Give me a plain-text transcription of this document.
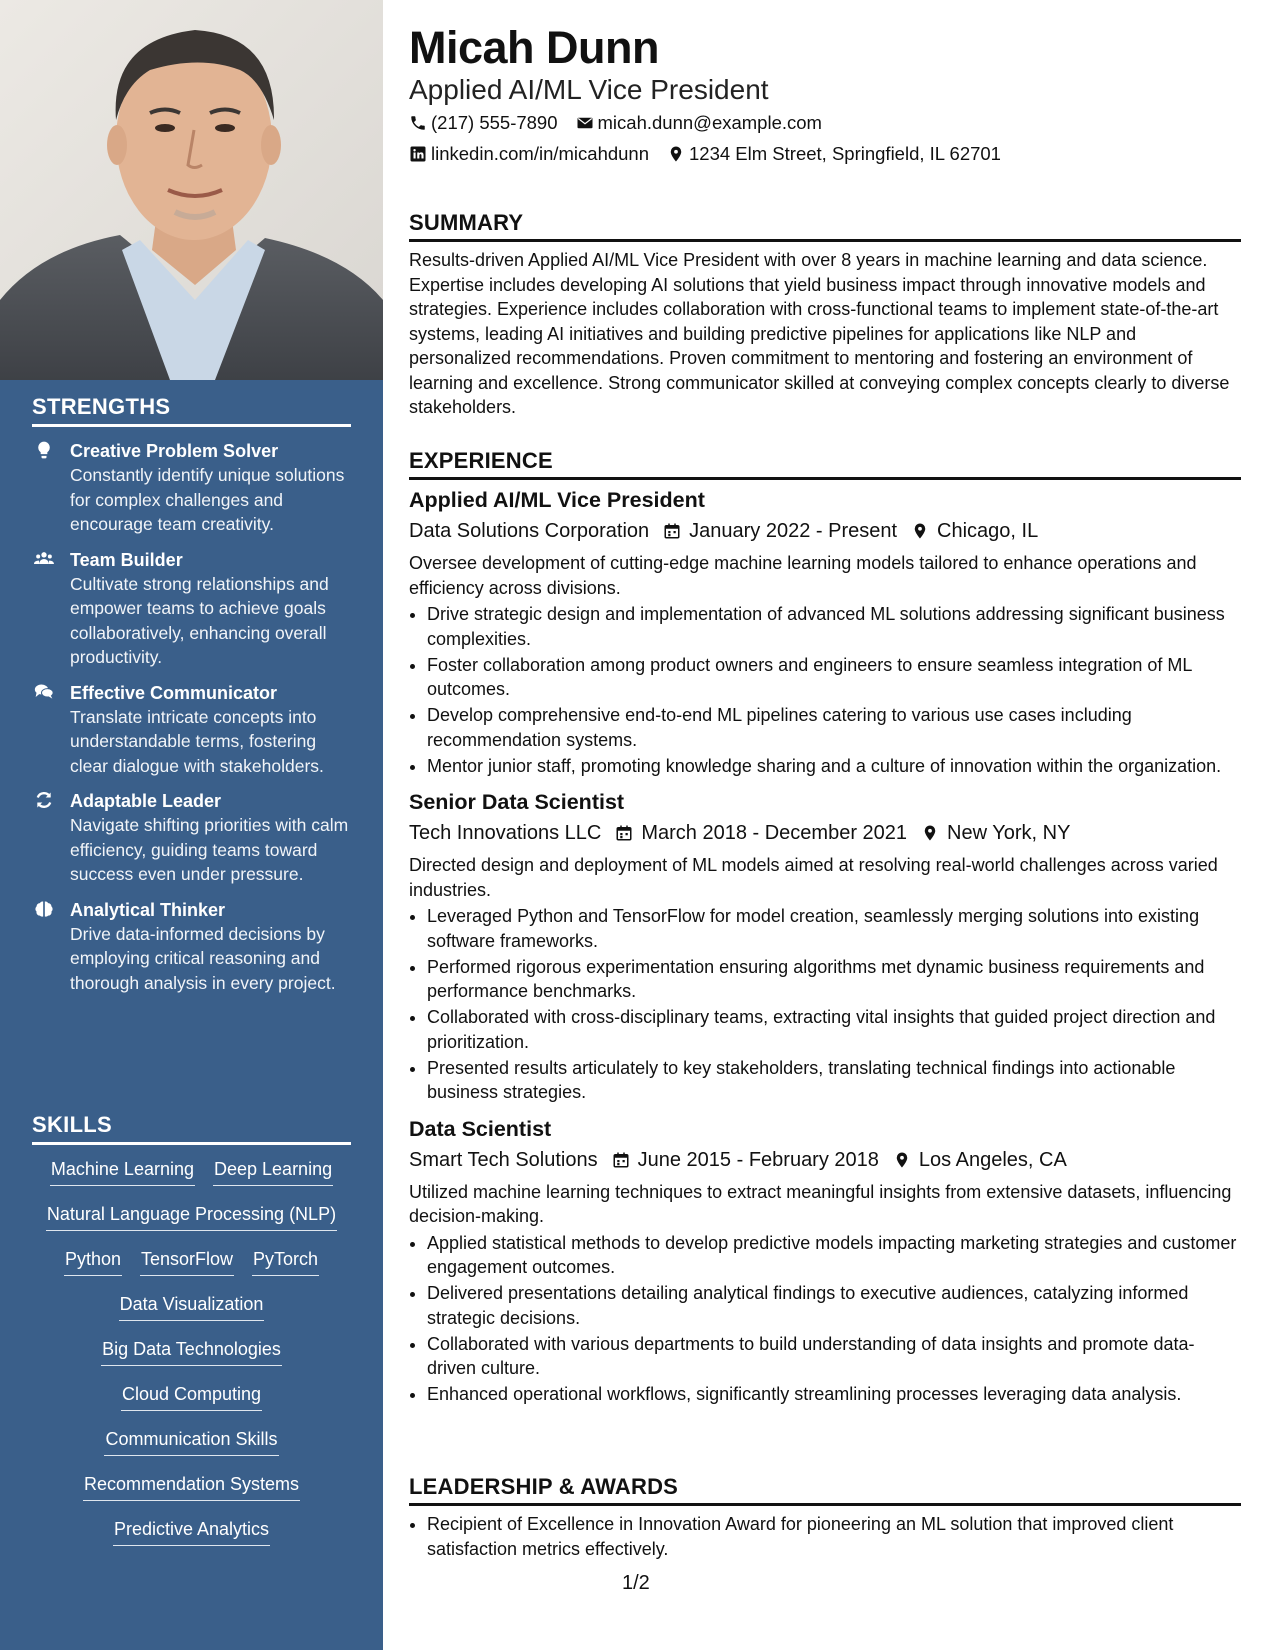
STRENGTHS
Creative Problem Solver
Constantly identify unique solutions for complex challenges and encourage team creativity.
Team Builder
Cultivate strong relationships and empower teams to achieve goals collaboratively, enhancing overall productivity.
Effective Communicator
Translate intricate concepts into understandable terms, fostering clear dialogue with stakeholders.
Adaptable Leader
Navigate shifting priorities with calm efficiency, guiding teams toward success even under pressure.
Analytical Thinker
Drive data-informed decisions by employing critical reasoning and thorough analysis in every project.
SKILLS
Machine Learning Deep Learning
Natural Language Processing (NLP)
Python TensorFlow PyTorch
Data Visualization
Big Data Technologies
Cloud Computing
Communication Skills
Recommendation Systems
Predictive Analytics
Micah Dunn
Applied AI/ML Vice President
(217) 555-7890 micah.dunn@example.com
linkedin.com/in/micahdunn 1234 Elm Street, Springfield, IL 62701
SUMMARY

Results-driven Applied AI/ML Vice President with over 8 years in machine learning and data science. Expertise includes developing AI solutions that yield business impact through innovative models and strategies. Experience includes collaboration with cross-functional teams to implement state-of-the-art systems, leading AI initiatives and building predictive pipelines for applications like NLP and personalized recommendations. Proven commitment to mentoring and fostering an environment of learning and excellence. Strong communicator skilled at conveying complex concepts clearly to diverse stakeholders.

EXPERIENCE
Applied AI/ML Vice President
Data Solutions Corporation January 2022 - Present Chicago, IL

Oversee development of cutting-edge machine learning models tailored to enhance operations and efficiency across divisions.

• Drive strategic design and implementation of advanced ML solutions addressing significant business complexities.
• Foster collaboration among product owners and engineers to ensure seamless integration of ML outcomes.
• Develop comprehensive end-to-end ML pipelines catering to various use cases including recommendation systems.
• Mentor junior staff, promoting knowledge sharing and a culture of innovation within the organization.
Senior Data Scientist
Tech Innovations LLC March 2018 - December 2021 New York, NY

Directed design and deployment of ML models aimed at resolving real-world challenges across varied industries.

• Leveraged Python and TensorFlow for model creation, seamlessly merging solutions into existing software frameworks.
• Performed rigorous experimentation ensuring algorithms met dynamic business requirements and performance benchmarks.
• Collaborated with cross-disciplinary teams, extracting vital insights that guided project direction and prioritization.
• Presented results articulately to key stakeholders, translating technical findings into actionable business strategies.
Data Scientist
Smart Tech Solutions June 2015 - February 2018 Los Angeles, CA

Utilized machine learning techniques to extract meaningful insights from extensive datasets, influencing decision-making.

• Applied statistical methods to develop predictive models impacting marketing strategies and customer engagement outcomes.
• Delivered presentations detailing analytical findings to executive audiences, catalyzing informed strategic decisions.
• Collaborated with various departments to build understanding of data insights and promote data-driven culture.
• Enhanced operational workflows, significantly streamlining processes leveraging data analysis.
LEADERSHIP & AWARDS
• Recipient of Excellence in Innovation Award for pioneering an ML solution that improved client satisfaction metrics effectively.
1/2
